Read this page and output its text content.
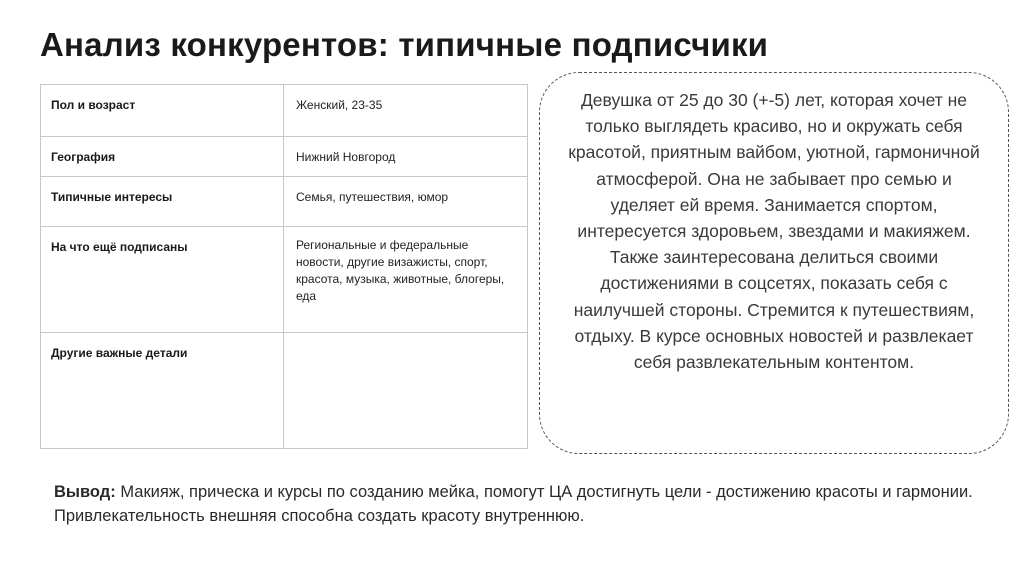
Анализ конкурентов: типичные подписчики
Пол и возраст	Женский, 23-35
География	Нижний Новгород
Типичные интересы	Семья, путешествия, юмор
На что ещё подписаны	Региональные и федеральные новости, другие визажисты, спорт, красота, музыка, животные, блогеры, еда
Другие важные детали	

Девушка от 25 до 30 (+-5) лет, которая хочет не только выглядеть красиво, но и окружать себя красотой, приятным вайбом, уютной, гармоничной атмосферой. Она не забывает про семью и уделяет ей время. Занимается спортом, интересуется здоровьем, звездами и макияжем. Также заинтересована делиться своими достижениями в соцсетях, показать себя с наилучшей стороны. Стремится к путешествиям, отдыху. В курсе основных новостей и развлекает себя развлекательным контентом.

Вывод: Макияж, прическа и курсы по созданию мейка, помогут ЦА достигнуть цели - достижению красоты и гармонии. Привлекательность внешняя способна создать красоту внутреннюю.
